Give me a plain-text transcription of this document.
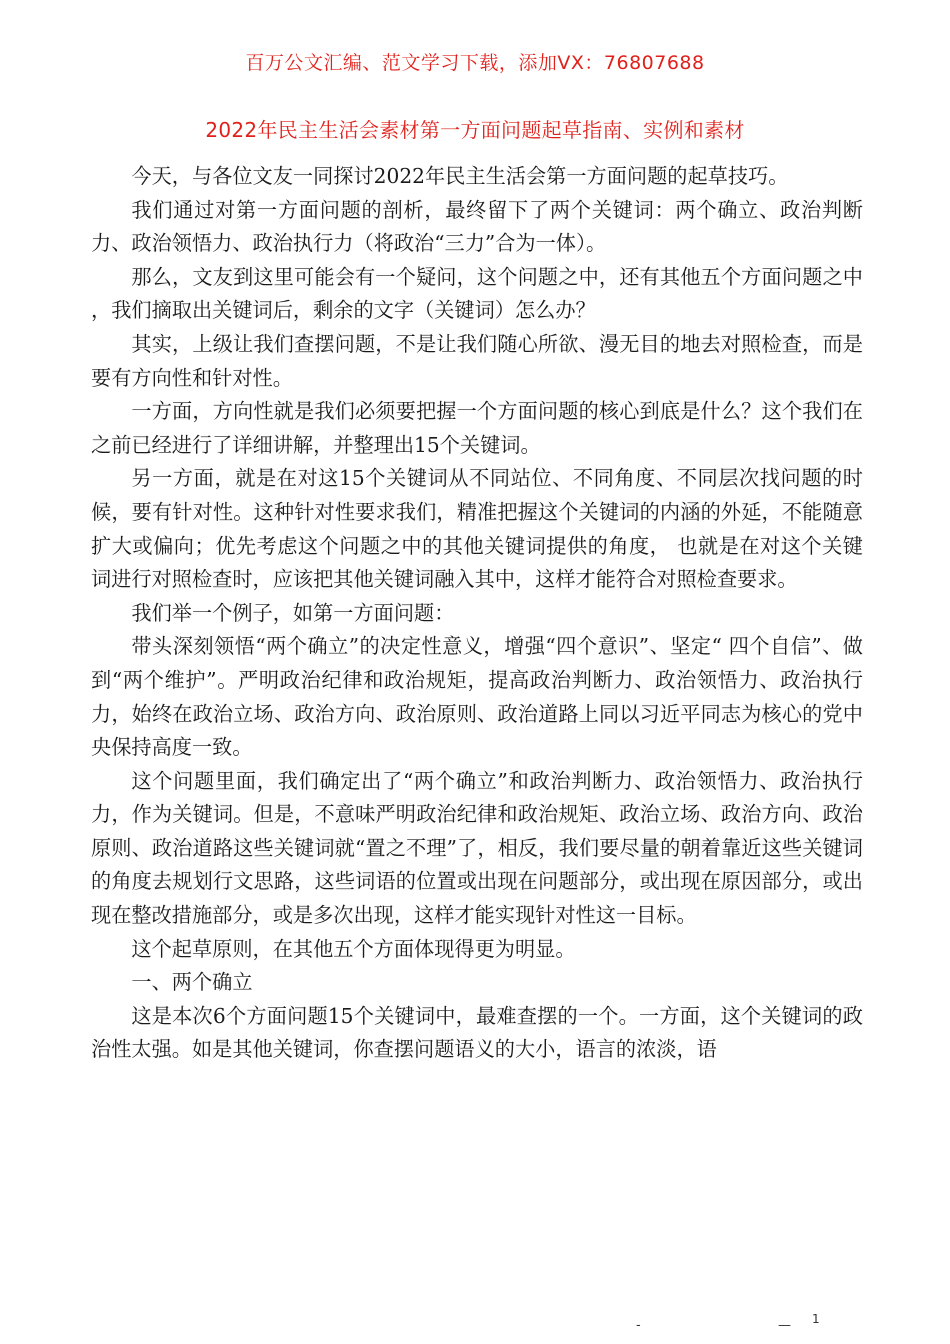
百万公文汇编、范文学习下载，添加VX：76807688
2022年民主生活会素材第一方面问题起草指南、实例和素材

今天，与各位文友一同探讨2022年民主生活会第一方面问题的起草技巧。

我们通过对第一方面问题的剖析，最终留下了两个关键词：两个确立、政治判断力、政治领悟力、政治执行力（将政治“三力”合为一体）。

那么，文友到这里可能会有一个疑问，这个问题之中，还有其他五个方面问题之中 ，我们摘取出关键词后，剩余的文字（关键词）怎么办？

其实，上级让我们查摆问题，不是让我们随心所欲、漫无目的地去对照检查，而是要有方向性和针对性。

一方面，方向性就是我们必须要把握一个方面问题的核心到底是什么？这个我们在之前已经进行了详细讲解，并整理出15个关键词。

另一方面，就是在对这15个关键词从不同站位、不同角度、不同层次找问题的时候，要有针对性。这种针对性要求我们，精准把握这个关键词的内涵的外延，不能随意扩大或偏向；优先考虑这个问题之中的其他关键词提供的角度， 也就是在对这个关键词进行对照检查时，应该把其他关键词融入其中，这样才能符合对照检查要求。

我们举一个例子，如第一方面问题：

带头深刻领悟“两个确立”的决定性意义，增强“四个意识”、坚定“ 四个自信”、做到“两个维护”。严明政治纪律和政治规矩，提高政治判断力、政治领悟力、政治执行力，始终在政治立场、政治方向、政治原则、政治道路上同以习近平同志为核心的党中央保持高度一致。

这个问题里面，我们确定出了“两个确立”和政治判断力、政治领悟力、政治执行力，作为关键词。但是，不意味严明政治纪律和政治规矩、政治立场、政治方向、政治原则、政治道路这些关键词就“置之不理”了，相反，我们要尽量的朝着靠近这些关键词的角度去规划行文思路，这些词语的位置或出现在问题部分，或出现在原因部分，或出现在整改措施部分，或是多次出现，这样才能实现针对性这一目标。

这个起草原则，在其他五个方面体现得更为明显。

一、两个确立

这是本次6个方面问题15个关键词中，最难查摆的一个。一方面，这个关键词的政治性太强。如是其他关键词，你查摆问题语义的大小，语言的浓淡，语

-	— 1
